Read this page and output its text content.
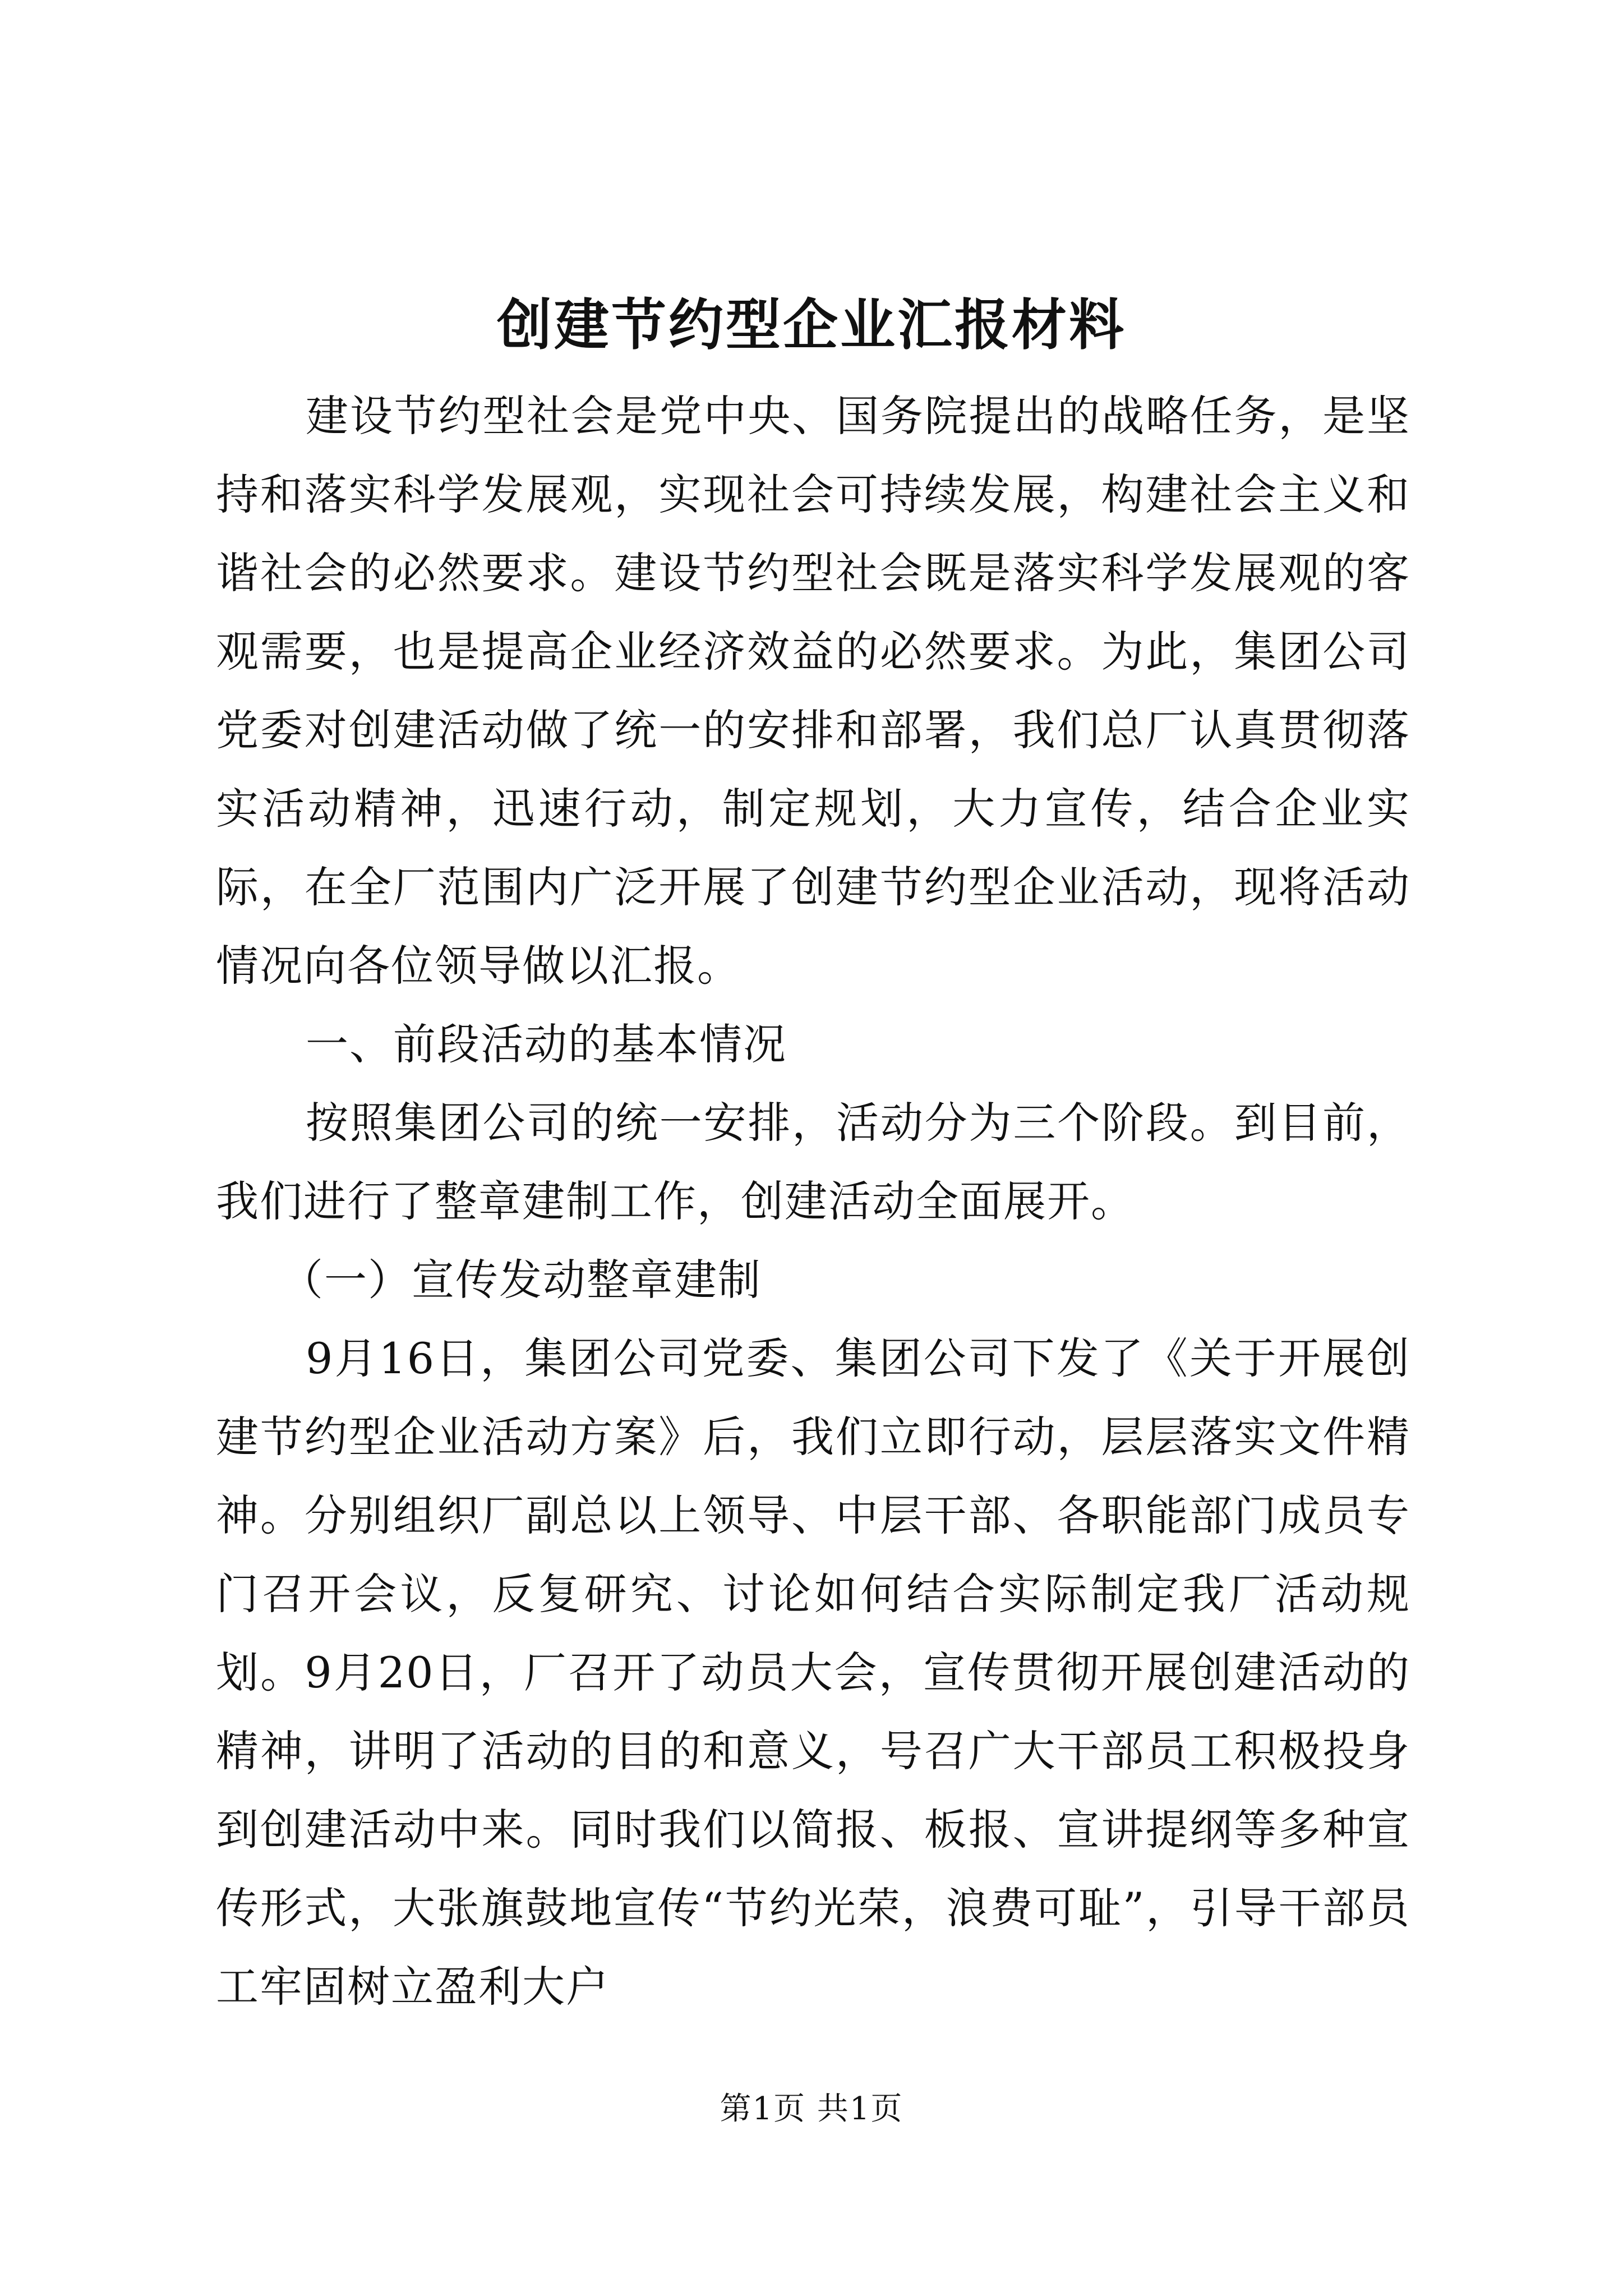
创建节约型企业汇报材料

建设节约型社会是党中央、国务院提出的战略任务，是坚持和落实科学发展观，实现社会可持续发展，构建社会主义和谐社会的必然要求。建设节约型社会既是落实科学发展观的客观需要，也是提高企业经济效益的必然要求。为此，集团公司党委对创建活动做了统一的安排和部署，我们总厂认真贯彻落实活动精神，迅速行动，制定规划，大力宣传，结合企业实际，在全厂范围内广泛开展了创建节约型企业活动，现将活动情况向各位领导做以汇报。

一、前段活动的基本情况

按照集团公司的统一安排，活动分为三个阶段。到目前，我们进行了整章建制工作，创建活动全面展开。

（一）宣传发动整章建制

9月16日，集团公司党委、集团公司下发了《关于开展创建节约型企业活动方案》后，我们立即行动，层层落实文件精神。分别组织厂副总以上领导、中层干部、各职能部门成员专门召开会议，反复研究、讨论如何结合实际制定我厂活动规划。9月20日，厂召开了动员大会，宣传贯彻开展创建活动的精神，讲明了活动的目的和意义，号召广大干部员工积极投身到创建活动中来。同时我们以简报、板报、宣讲提纲等多种宣传形式，大张旗鼓地宣传“节约光荣，浪费可耻”，引导干部员工牢固树立盈利大户

第1页 共1页
